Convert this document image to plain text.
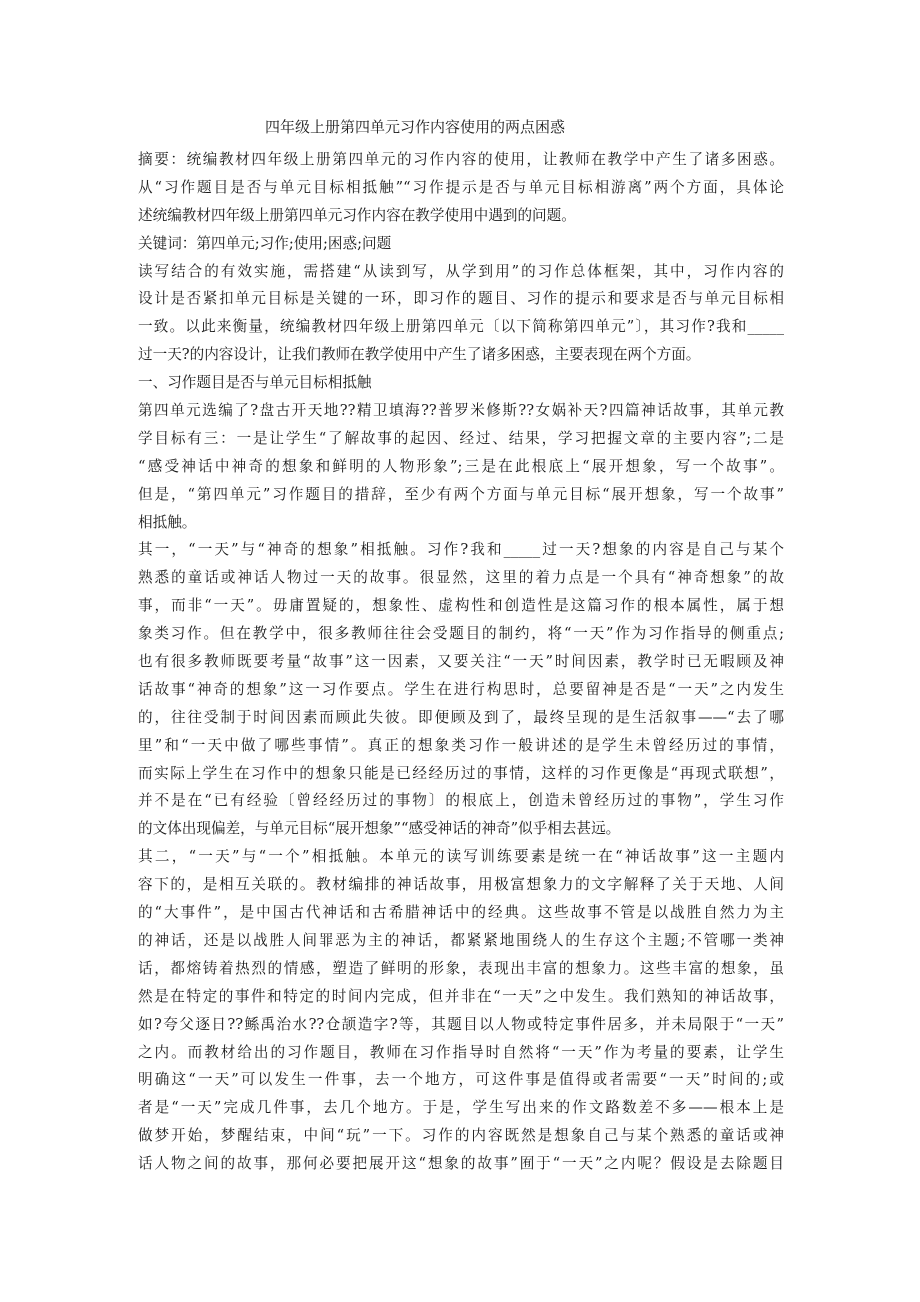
四年级上册第四单元习作内容使用的两点困惑
摘要：统编教材四年级上册第四单元的习作内容的使用，让教师在教学中产生了诸多困惑。
从“习作题目是否与单元目标相抵触”“习作提示是否与单元目标相游离”两个方面，具体论
述统编教材四年级上册第四单元习作内容在教学使用中遇到的问题。
关键词：第四单元;习作;使用;困惑;问题
读写结合的有效实施，需搭建“从读到写，从学到用”的习作总体框架，其中，习作内容的
设计是否紧扣单元目标是关键的一环，即习作的题目、习作的提示和要求是否与单元目标相
一致。以此来衡量，统编教材四年级上册第四单元〔以下简称第四单元”〕，其习作?我和_____
过一天?的内容设计，让我们教师在教学使用中产生了诸多困惑，主要表现在两个方面。
一、习作题目是否与单元目标相抵触
第四单元选编了?盘古开天地??精卫填海??普罗米修斯??女娲补天?四篇神话故事，其单元教
学目标有三：一是让学生“了解故事的起因、经过、结果，学习把握文章的主要内容”;二是
“感受神话中神奇的想象和鲜明的人物形象”;三是在此根底上“展开想象，写一个故事”。
但是，“第四单元”习作题目的措辞，至少有两个方面与单元目标“展开想象，写一个故事”
相抵触。
其一，“一天”与“神奇的想象”相抵触。习作?我和_____过一天?想象的内容是自己与某个
熟悉的童话或神话人物过一天的故事。很显然，这里的着力点是一个具有“神奇想象”的故
事，而非“一天”。毋庸置疑的，想象性、虚构性和创造性是这篇习作的根本属性，属于想
象类习作。但在教学中，很多教师往往会受题目的制约，将“一天”作为习作指导的侧重点;
也有很多教师既要考量“故事”这一因素，又要关注“一天”时间因素，教学时已无暇顾及神
话故事“神奇的想象”这一习作要点。学生在进行构思时，总要留神是否是“一天”之内发生
的，往往受制于时间因素而顾此失彼。即便顾及到了，最终呈现的是生活叙事——“去了哪
里”和“一天中做了哪些事情”。真正的想象类习作一般讲述的是学生未曾经历过的事情，
而实际上学生在习作中的想象只能是已经经历过的事情，这样的习作更像是“再现式联想”，
并不是在“已有经验〔曾经经历过的事物〕的根底上，创造未曾经历过的事物”，学生习作
的文体出现偏差，与单元目标“展开想象”“感受神话的神奇”似乎相去甚远。
其二，“一天”与“一个”相抵触。本单元的读写训练要素是统一在“神话故事”这一主题内
容下的，是相互关联的。教材编排的神话故事，用极富想象力的文字解释了关于天地、人间
的“大事件”，是中国古代神话和古希腊神话中的经典。这些故事不管是以战胜自然力为主
的神话，还是以战胜人间罪恶为主的神话，都紧紧地围绕人的生存这个主题;不管哪一类神
话，都熔铸着热烈的情感，塑造了鲜明的形象，表现出丰富的想象力。这些丰富的想象，虽
然是在特定的事件和特定的时间内完成，但并非在“一天”之中发生。我们熟知的神话故事，
如?夸父逐日??鲧禹治水??仓颉造字?等，其题目以人物或特定事件居多，并未局限于“一天”
之内。而教材给出的习作题目，教师在习作指导时自然将“一天”作为考量的要素，让学生
明确这“一天”可以发生一件事，去一个地方，可这件事是值得或者需要“一天”时间的;或
者是“一天”完成几件事，去几个地方。于是，学生写出来的作文路数差不多——根本上是
做梦开始，梦醒结束，中间“玩”一下。习作的内容既然是想象自己与某个熟悉的童话或神
话人物之间的故事，那何必要把展开这“想象的故事”囿于“一天”之内呢？假设是去除题目
